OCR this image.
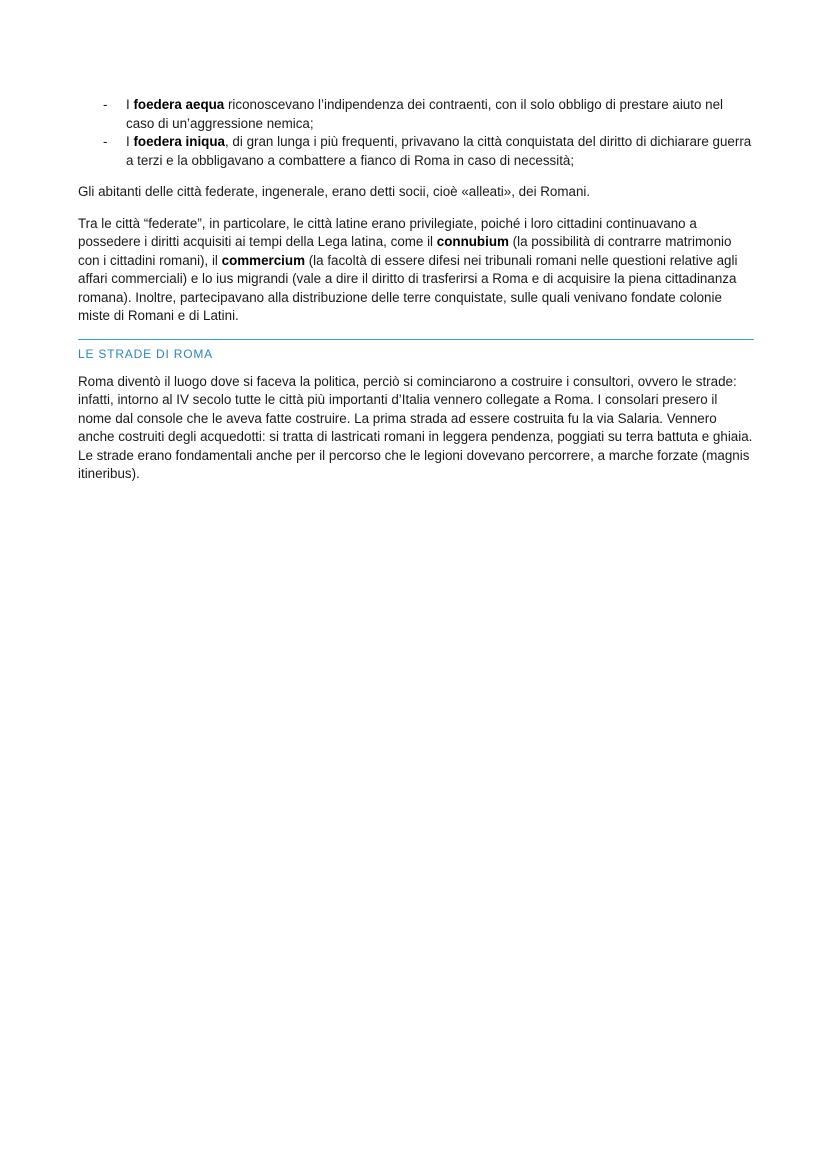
- I foedera aequa riconoscevano l’indipendenza dei contraenti, con il solo obbligo di prestare aiuto nel caso di un’aggressione nemica;
- I foedera iniqua, di gran lunga i più frequenti, privavano la città conquistata del diritto di dichiarare guerra a terzi e la obbligavano a combattere a fianco di Roma in caso di necessità;

Gli abitanti delle città federate, ingenerale, erano detti socii, cioè «alleati», dei Romani.

Tra le città “federate”, in particolare, le città latine erano privilegiate, poiché i loro cittadini continuavano a possedere i diritti acquisiti ai tempi della Lega latina, come il connubium (la possibilità di contrarre matrimonio con i cittadini romani), il commercium (la facoltà di essere difesi nei tribunali romani nelle questioni relative agli affari commerciali) e lo ius migrandi (vale a dire il diritto di trasferirsi a Roma e di acquisire la piena cittadinanza romana). Inoltre, partecipavano alla distribuzione delle terre conquistate, sulle quali venivano fondate colonie miste di Romani e di Latini.

LE STRADE DI ROMA

Roma diventò il luogo dove si faceva la politica, perciò si cominciarono a costruire i consultori, ovvero le strade: infatti, intorno al IV secolo tutte le città più importanti d’Italia vennero collegate a Roma. I consolari presero il nome dal console che le aveva fatte costruire. La prima strada ad essere costruita fu la via Salaria. Vennero anche costruiti degli acquedotti: si tratta di lastricati romani in leggera pendenza, poggiati su terra battuta e ghiaia. Le strade erano fondamentali anche per il percorso che le legioni dovevano percorrere, a marche forzate (magnis itineribus).
